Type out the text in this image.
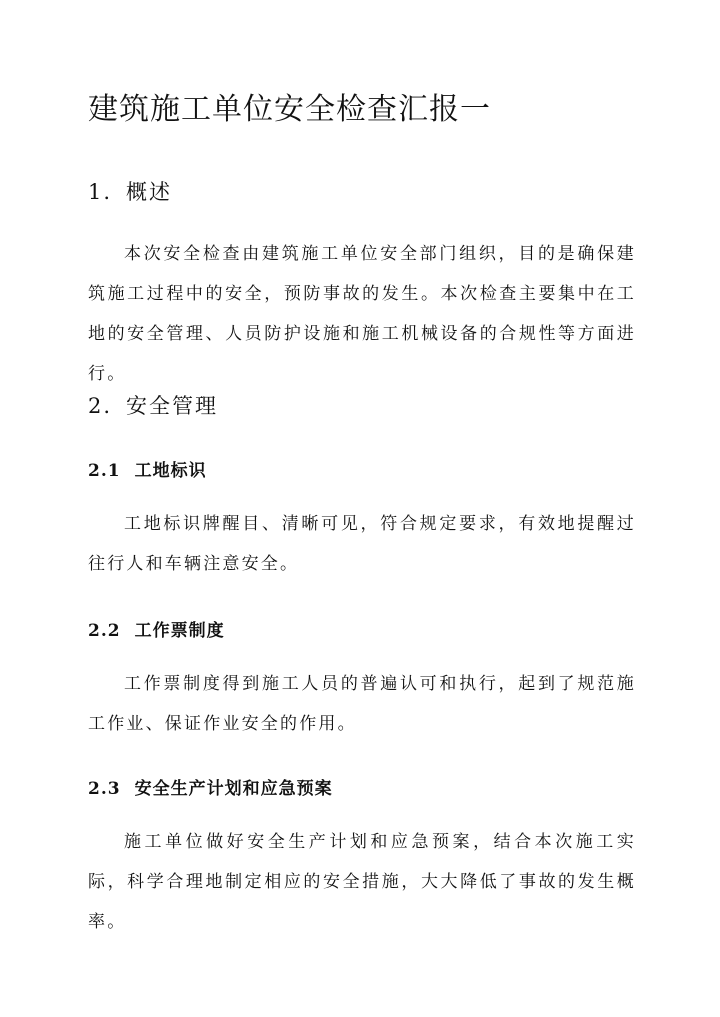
建筑施工单位安全检查汇报一
1. 概述

本次安全检查由建筑施工单位安全部门组织，目的是确保建筑施工过程中的安全，预防事故的发生。本次检查主要集中在工地的安全管理、人员防护设施和施工机械设备的合规性等方面进行。

2. 安全管理
2.1 工地标识

工地标识牌醒目、清晰可见，符合规定要求，有效地提醒过往行人和车辆注意安全。

2.2 工作票制度

工作票制度得到施工人员的普遍认可和执行，起到了规范施工作业、保证作业安全的作用。

2.3 安全生产计划和应急预案

施工单位做好安全生产计划和应急预案，结合本次施工实际，科学合理地制定相应的安全措施，大大降低了事故的发生概率。
